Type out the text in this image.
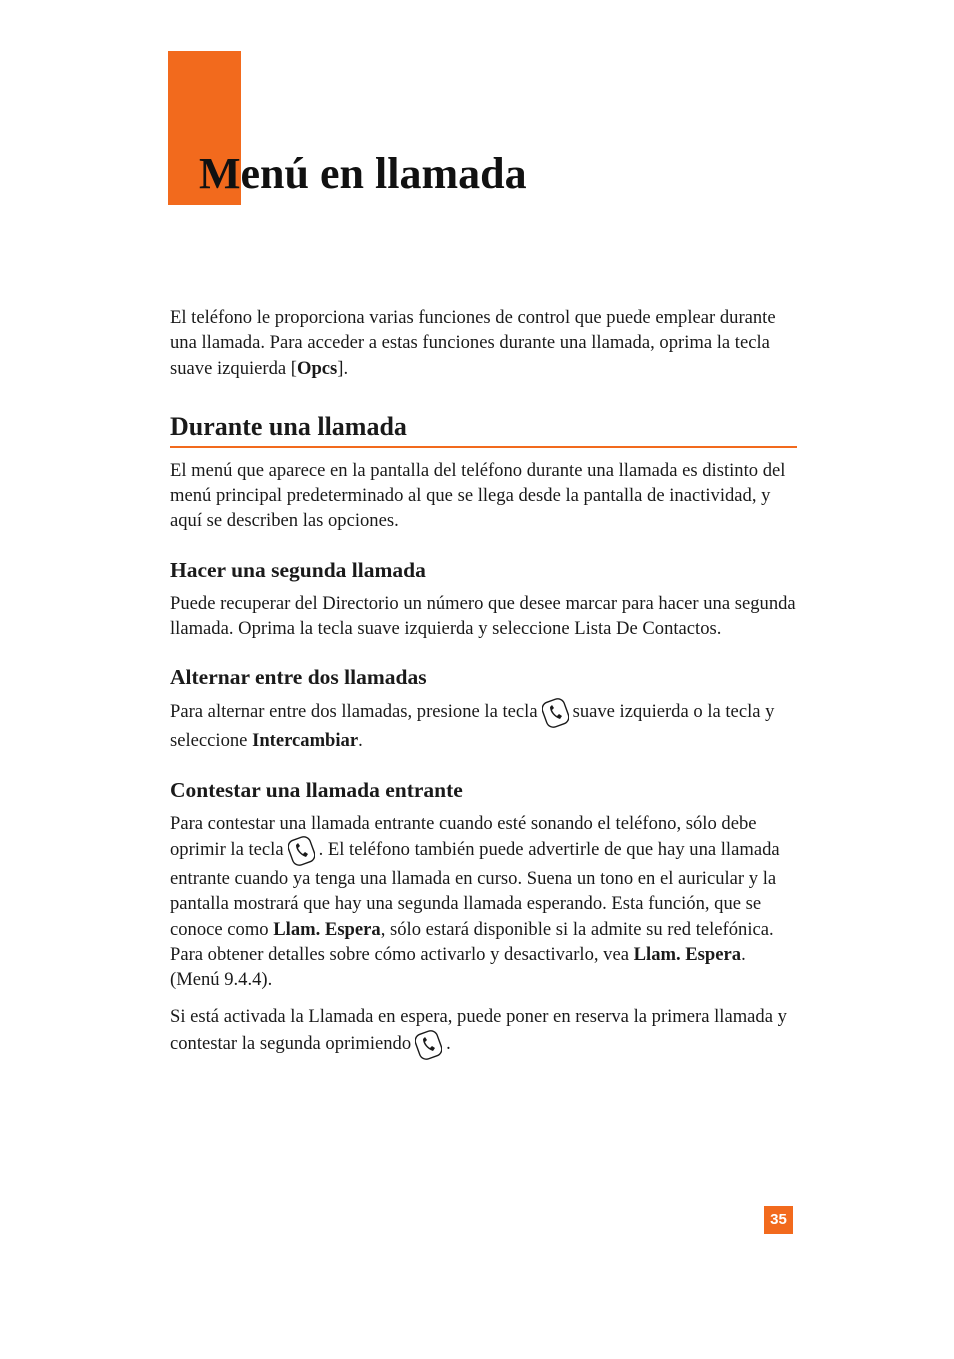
Menú en llamada

El teléfono le proporciona varias funciones de control que puede emplear durante una llamada. Para acceder a estas funciones durante una llamada, oprima la tecla suave izquierda [Opcs].

Durante una llamada

El menú que aparece en la pantalla del teléfono durante una llamada es distinto del menú principal predeterminado al que se llega desde la pantalla de inactividad, y aquí se describen las opciones.

Hacer una segunda llamada

Puede recuperar del Directorio un número que desee marcar para hacer una segunda llamada. Oprima la tecla suave izquierda y seleccione Lista De Contactos.

Alternar entre dos llamadas

Para alternar entre dos llamadas, presione la tecla suave izquierda o la tecla y seleccione Intercambiar.

Contestar una llamada entrante

Para contestar una llamada entrante cuando esté sonando el teléfono, sólo debe oprimir la tecla . El teléfono también puede advertirle de que hay una llamada entrante cuando ya tenga una llamada en curso. Suena un tono en el auricular y la pantalla mostrará que hay una segunda llamada esperando. Esta función, que se conoce como Llam. Espera, sólo estará disponible si la admite su red telefónica. Para obtener detalles sobre cómo activarlo y desactivarlo, vea Llam. Espera. (Menú 9.4.4).

Si está activada la Llamada en espera, puede poner en reserva la primera llamada y contestar la segunda oprimiendo .

35
